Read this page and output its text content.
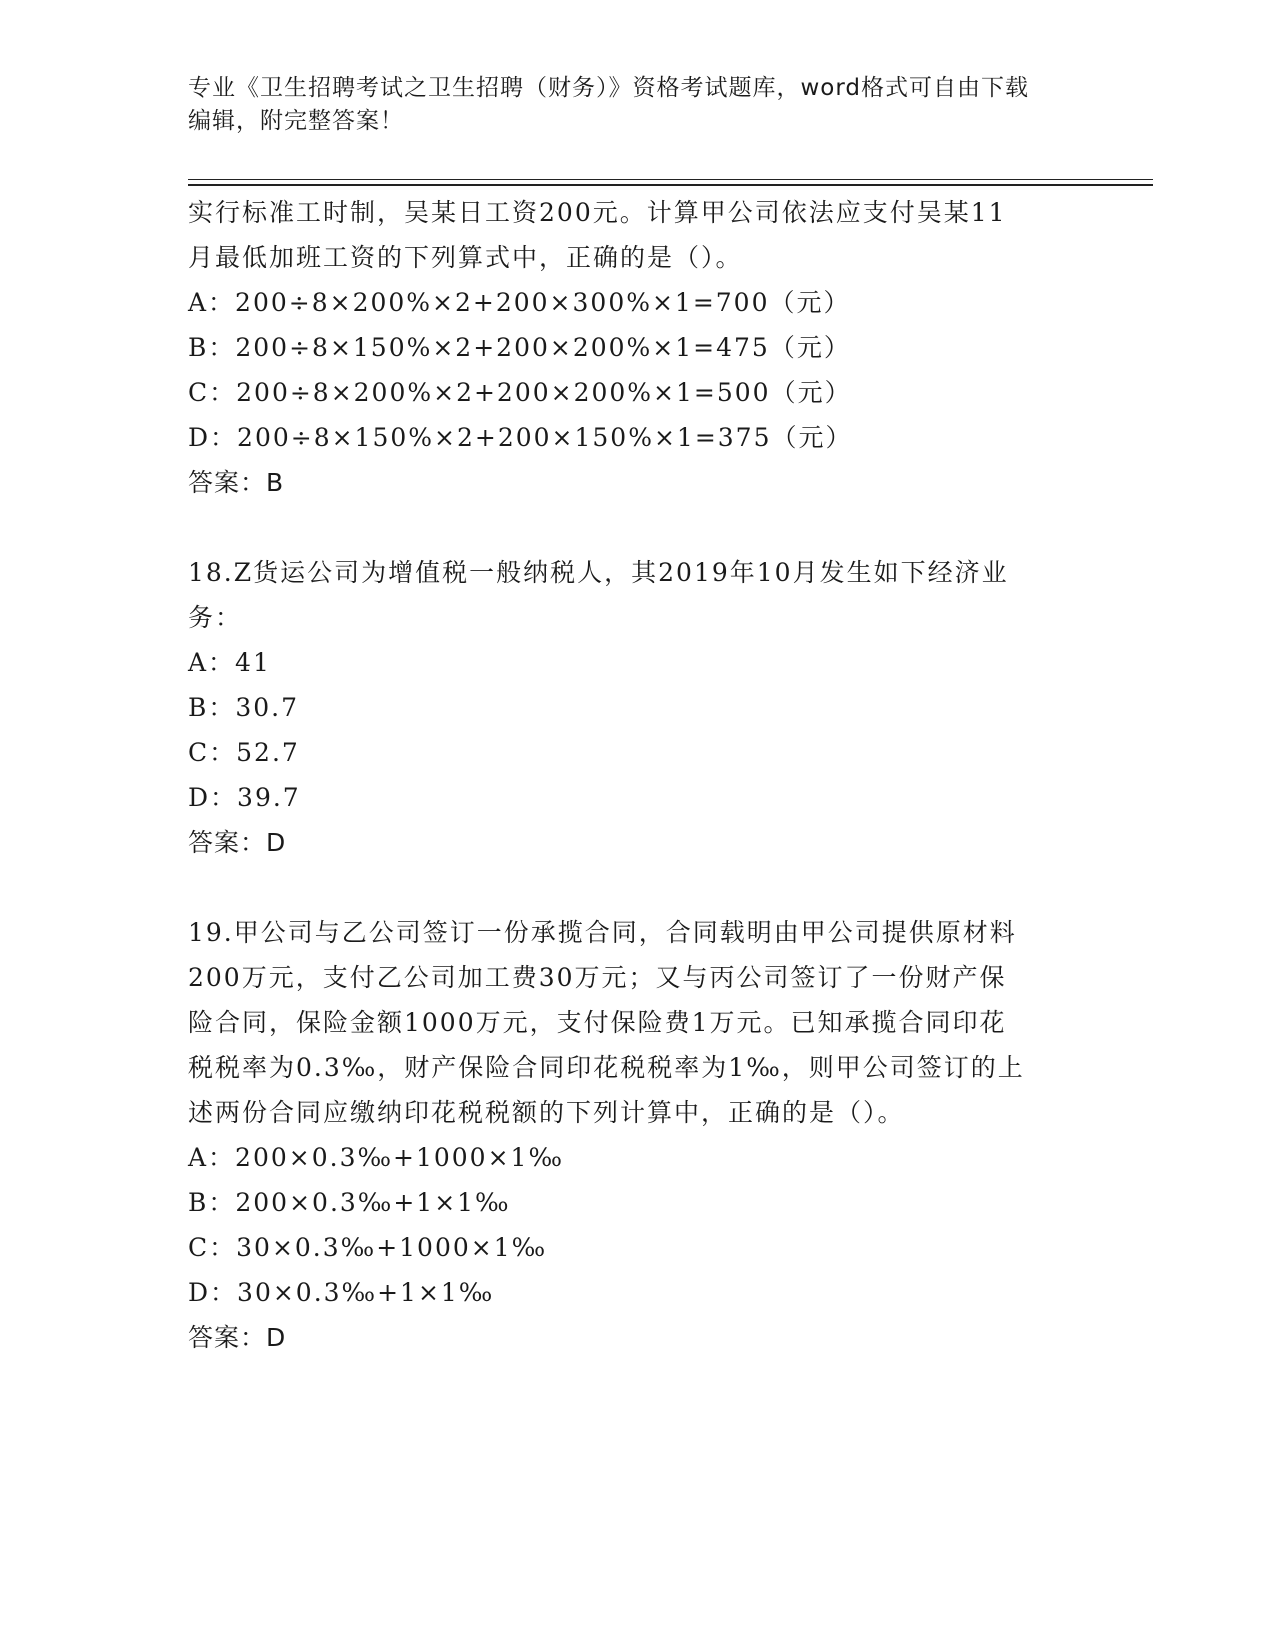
专业《卫生招聘考试之卫生招聘（财务）》资格考试题库，word格式可自由下载
编辑，附完整答案！

实行标准工时制，吴某日工资200元。计算甲公司依法应支付吴某11

月最低加班工资的下列算式中，正确的是（）。

A：200÷8×200%×2+200×300%×1=700（元）

B：200÷8×150%×2+200×200%×1=475（元）

C：200÷8×200%×2+200×200%×1=500（元）

D：200÷8×150%×2+200×150%×1=375（元）

答案：B

18.Z货运公司为增值税一般纳税人，其2019年10月发生如下经济业

务：

A：41

B：30.7

C：52.7

D：39.7

答案：D

19.甲公司与乙公司签订一份承揽合同，合同载明由甲公司提供原材料

200万元，支付乙公司加工费30万元；又与丙公司签订了一份财产保

险合同，保险金额1000万元，支付保险费1万元。已知承揽合同印花

税税率为0.3‰，财产保险合同印花税税率为1‰，则甲公司签订的上

述两份合同应缴纳印花税税额的下列计算中，正确的是（）。

A：200×0.3‰+1000×1‰

B：200×0.3‰+1×1‰

C：30×0.3‰+1000×1‰

D：30×0.3‰+1×1‰

答案：D
